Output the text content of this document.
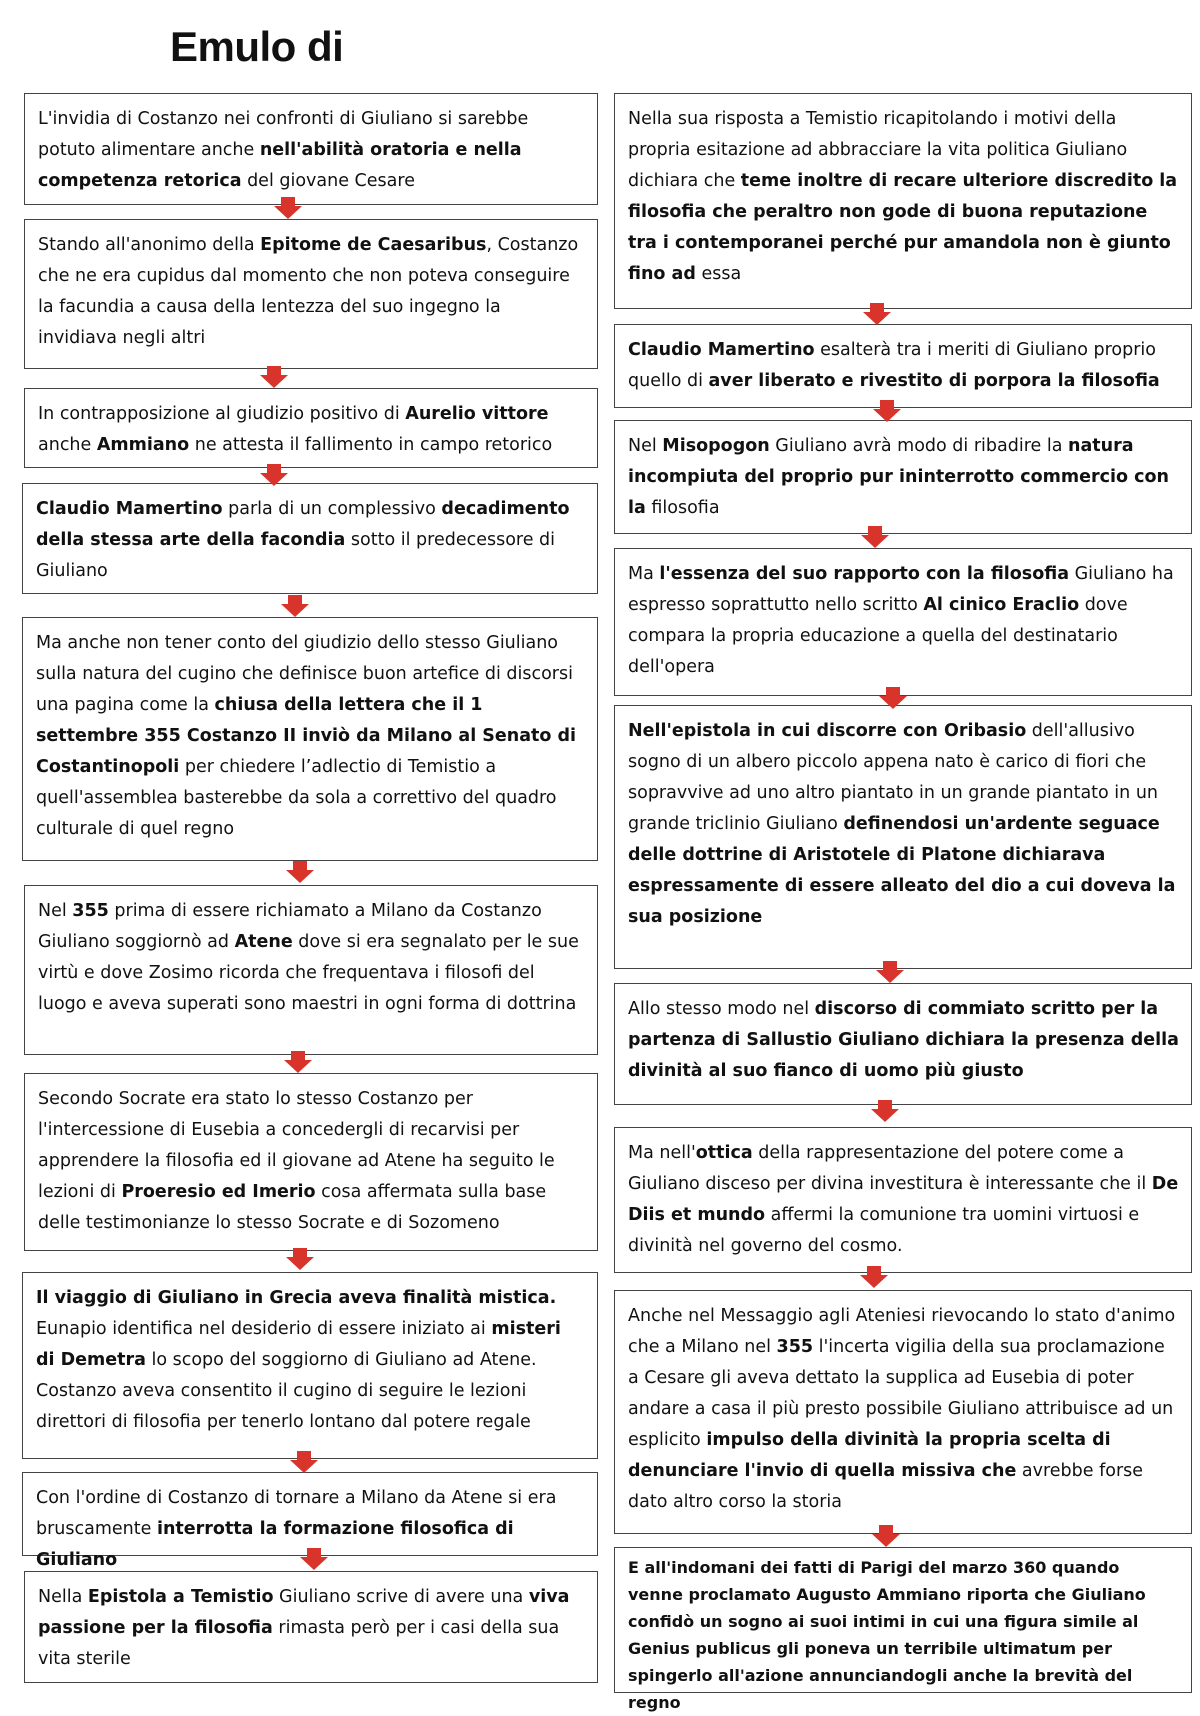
Emulo di
L'invidia di Costanzo nei confronti di Giuliano si sarebbe potuto alimentare anche nell'abilità oratoria e nella competenza retorica del giovane Cesare
Stando all'anonimo della Epitome de Caesaribus, Costanzo che ne era cupidus dal momento che non poteva conseguire la facundia a causa della lentezza del suo ingegno la invidiava negli altri
In contrapposizione al giudizio positivo di Aurelio vittore anche Ammiano ne attesta il fallimento in campo retorico
Claudio Mamertino parla di un complessivo decadimento della stessa arte della facondia sotto il predecessore di Giuliano
Ma anche non tener conto del giudizio dello stesso Giuliano sulla natura del cugino che definisce buon artefice di discorsi una pagina come la chiusa della lettera che il 1 settembre 355 Costanzo II inviò da Milano al Senato di Costantinopoli per chiedere l’adlectio di Temistio a quell'assemblea basterebbe da sola a correttivo del quadro culturale di quel regno
Nel 355 prima di essere richiamato a Milano da Costanzo Giuliano soggiornò ad Atene dove si era segnalato per le sue virtù e dove Zosimo ricorda che frequentava i filosofi del luogo e aveva superati sono maestri in ogni forma di dottrina
Secondo Socrate era stato lo stesso Costanzo per l'intercessione di Eusebia a concedergli di recarvisi per apprendere la filosofia ed il giovane ad Atene ha seguito le lezioni di Proeresio ed Imerio cosa affermata sulla base delle testimonianze lo stesso Socrate e di Sozomeno
Il viaggio di Giuliano in Grecia aveva finalità mistica. Eunapio identifica nel desiderio di essere iniziato ai misteri di Demetra lo scopo del soggiorno di Giuliano ad Atene. Costanzo aveva consentito il cugino di seguire le lezioni direttori di filosofia per tenerlo lontano dal potere regale
Con l'ordine di Costanzo di tornare a Milano da Atene si era bruscamente interrotta la formazione filosofica di Giuliano
Nella Epistola a Temistio Giuliano scrive di avere una viva passione per la filosofia rimasta però per i casi della sua vita sterile
Nella sua risposta a Temistio ricapitolando i motivi della propria esitazione ad abbracciare la vita politica Giuliano dichiara che teme inoltre di recare ulteriore discredito la filosofia che peraltro non gode di buona reputazione tra i contemporanei perché pur amandola non è giunto fino ad essa
Claudio Mamertino esalterà tra i meriti di Giuliano proprio quello di aver liberato e rivestito di porpora la filosofia
Nel Misopogon Giuliano avrà modo di ribadire la natura incompiuta del proprio pur ininterrotto commercio con la filosofia
Ma l'essenza del suo rapporto con la filosofia Giuliano ha espresso soprattutto nello scritto Al cinico Eraclio dove compara la propria educazione a quella del destinatario dell'opera
Nell'epistola in cui discorre con Oribasio dell'allusivo sogno di un albero piccolo appena nato è carico di fiori che sopravvive ad uno altro piantato in un grande piantato in un grande triclinio Giuliano definendosi un'ardente seguace delle dottrine di Aristotele di Platone dichiarava espressamente di essere alleato del dio a cui doveva la sua posizione
Allo stesso modo nel discorso di commiato scritto per la partenza di Sallustio Giuliano dichiara la presenza della divinità al suo fianco di uomo più giusto
Ma nell'ottica della rappresentazione del potere come a Giuliano disceso per divina investitura è interessante che il De Diis et mundo affermi la comunione tra uomini virtuosi e divinità nel governo del cosmo.
Anche nel Messaggio agli Ateniesi rievocando lo stato d'animo che a Milano nel 355 l'incerta vigilia della sua proclamazione a Cesare gli aveva dettato la supplica ad Eusebia di poter andare a casa il più presto possibile Giuliano attribuisce ad un esplicito impulso della divinità la propria scelta di denunciare l'invio di quella missiva che avrebbe forse dato altro corso la storia
E all'indomani dei fatti di Parigi del marzo 360 quando venne proclamato Augusto Ammiano riporta che Giuliano confidò un sogno ai suoi intimi in cui una figura simile al Genius publicus gli poneva un terribile ultimatum per spingerlo all'azione annunciandogli anche la brevità del regno
